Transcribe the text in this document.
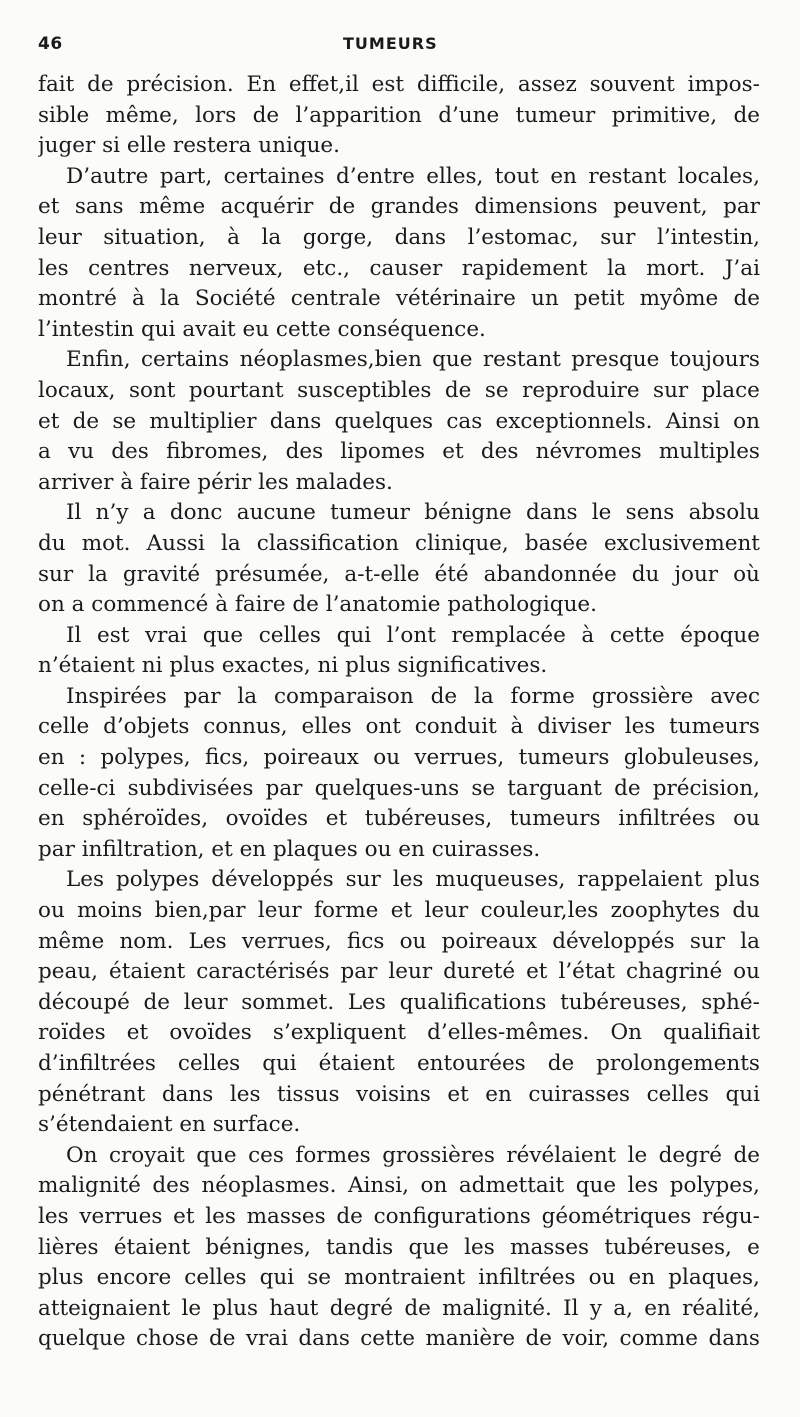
46	TUMEURS
fait de précision. En effet,il est difficile, assez souvent impos-
sible même, lors de l’apparition d’une tumeur primitive, de
juger si elle restera unique.
D’autre part, certaines d’entre elles, tout en restant locales,
et sans même acquérir de grandes dimensions peuvent, par
leur situation, à la gorge, dans l’estomac, sur l’intestin,
les centres nerveux, etc., causer rapidement la mort. J’ai
montré à la Société centrale vétérinaire un petit myôme de
l’intestin qui avait eu cette conséquence.
Enfin, certains néoplasmes,bien que restant presque toujours
locaux, sont pourtant susceptibles de se reproduire sur place
et de se multiplier dans quelques cas exceptionnels. Ainsi on
a vu des fibromes, des lipomes et des névromes multiples
arriver à faire périr les malades.
Il n’y a donc aucune tumeur bénigne dans le sens absolu
du mot. Aussi la classification clinique, basée exclusivement
sur la gravité présumée, a-t-elle été abandonnée du jour où
on a commencé à faire de l’anatomie pathologique.
Il est vrai que celles qui l’ont remplacée à cette époque
n’étaient ni plus exactes, ni plus significatives.
Inspirées par la comparaison de la forme grossière avec
celle d’objets connus, elles ont conduit à diviser les tumeurs
en : polypes, fics, poireaux ou verrues, tumeurs globuleuses,
celle-ci subdivisées par quelques-uns se targuant de précision,
en sphéroïdes, ovoïdes et tubéreuses, tumeurs infiltrées ou
par infiltration, et en plaques ou en cuirasses.
Les polypes développés sur les muqueuses, rappelaient plus
ou moins bien,par leur forme et leur couleur,les zoophytes du
même nom. Les verrues, fics ou poireaux développés sur la
peau, étaient caractérisés par leur dureté et l’état chagriné ou
découpé de leur sommet. Les qualifications tubéreuses, sphé-
roïdes et ovoïdes s’expliquent d’elles-mêmes. On qualifiait
d’infiltrées celles qui étaient entourées de prolongements
pénétrant dans les tissus voisins et en cuirasses celles qui
s’étendaient en surface.
On croyait que ces formes grossières révélaient le degré de
malignité des néoplasmes. Ainsi, on admettait que les polypes,
les verrues et les masses de configurations géométriques régu-
lières étaient bénignes, tandis que les masses tubéreuses, e
plus encore celles qui se montraient infiltrées ou en plaques,
atteignaient le plus haut degré de malignité. Il y a, en réalité,
quelque chose de vrai dans cette manière de voir, comme dans
